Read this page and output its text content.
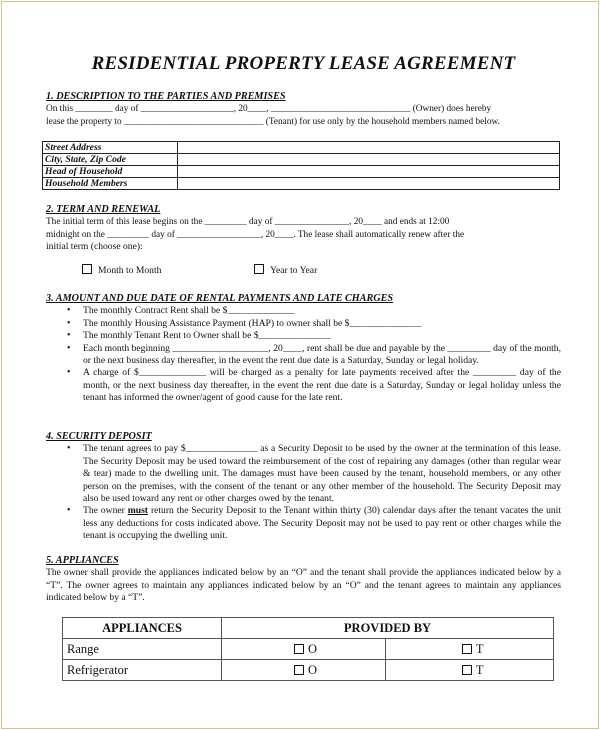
RESIDENTIAL PROPERTY LEASE AGREEMENT
1. DESCRIPTION TO THE PARTIES AND PREMISES
On this ________ day of ____________________, 20____, ______________________________ (Owner) does hereby
lease the property to ______________________________ (Tenant) for use only by the household members named below.
Street Address	
City, State, Zip Code	
Head of Household	
Household Members	
2. TERM AND RENEWAL
The initial term of this lease begins on the _________ day of ________________, 20____ and ends at 12:00
midnight on the _________ day of __________________, 20____. The lease shall automatically renew after the
initial term (choose one):
Month to Month	Year to Year
3. AMOUNT AND DUE DATE OF RENTAL PAYMENTS AND LATE CHARGES
• The monthly Contract Rent shall be $______________
• The monthly Housing Assistance Payment (HAP) to owner shall be $_______________
• The monthly Tenant Rent to Owner shall be $_______________
• Each month beginning ____________________, 20____, rent shall be due and payable by the _________ day of the month, or the next business day thereafter, in the event the rent due date is a Saturday, Sunday or legal holiday.
• A charge of $______________ will be charged as a penalty for late payments received after the _________ day of the month, or the next business day thereafter, in the event the rent due date is a Saturday, Sunday or legal holiday unless the tenant has informed the owner/agent of good cause for the late rent.
4. SECURITY DEPOSIT
• The tenant agrees to pay $_______________ as a Security Deposit to be used by the owner at the termination of this lease. The Security Deposit may be used toward the reimbursement of the cost of repairing any damages (other than regular wear & tear) made to the dwelling unit. The damages must have been caused by the tenant, household members, or any other person on the premises, with the consent of the tenant or any other member of the household. The Security Deposit may also be used toward any rent or other charges owed by the tenant.
• The owner must return the Security Deposit to the Tenant within thirty (30) calendar days after the tenant vacates the unit less any deductions for costs indicated above. The Security Deposit may not be used to pay rent or other charges while the tenant is occupying the dwelling unit.
5. APPLIANCES
The owner shall provide the appliances indicated below by an “O” and the tenant shall provide the appliances indicated below by a “T”. The owner agrees to maintain any appliances indicated below by an “O” and the tenant agrees to maintain any appliances indicated below by a “T”.
APPLIANCES	PROVIDED BY	
Range	O	T
Refrigerator	O	T
